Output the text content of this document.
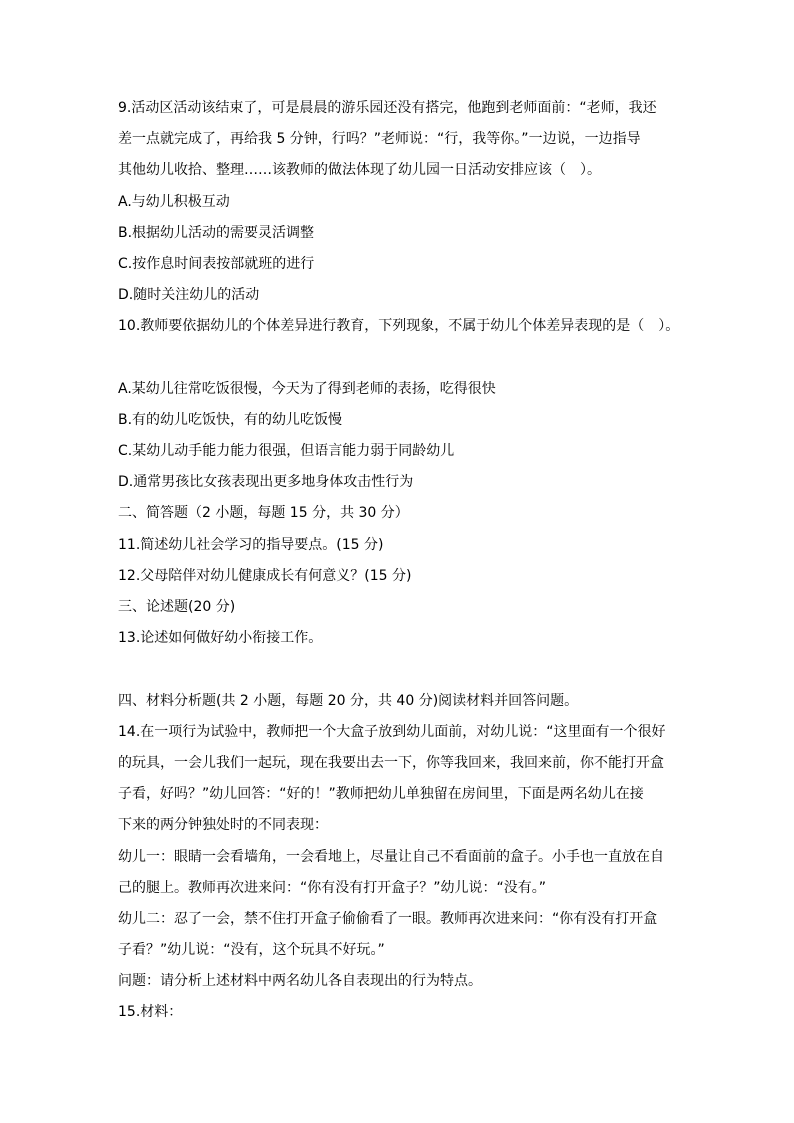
9.活动区活动该结束了，可是晨晨的游乐园还没有搭完，他跑到老师面前：“老师，我还
差一点就完成了，再给我 5 分钟，行吗？”老师说：“行，我等你。”一边说，一边指导
其他幼儿收拾、整理……该教师的做法体现了幼儿园一日活动安排应该（　）。
A.与幼儿积极互动
B.根据幼儿活动的需要灵活调整
C.按作息时间表按部就班的进行
D.随时关注幼儿的活动
10.教师要依据幼儿的个体差异进行教育，下列现象，不属于幼儿个体差异表现的是（　）。
A.某幼儿往常吃饭很慢，今天为了得到老师的表扬，吃得很快
B.有的幼儿吃饭快，有的幼儿吃饭慢
C.某幼儿动手能力能力很强，但语言能力弱于同龄幼儿
D.通常男孩比女孩表现出更多地身体攻击性行为
二、简答题（2 小题，每题 15 分，共 30 分）
11.简述幼儿社会学习的指导要点。(15 分)
12.父母陪伴对幼儿健康成长有何意义？(15 分)
三、论述题(20 分)
13.论述如何做好幼小衔接工作。
四、材料分析题(共 2 小题，每题 20 分，共 40 分)阅读材料并回答问题。
14.在一项行为试验中，教师把一个大盒子放到幼儿面前，对幼儿说：“这里面有一个很好
的玩具，一会儿我们一起玩，现在我要出去一下，你等我回来，我回来前，你不能打开盒
子看，好吗？”幼儿回答：“好的！”教师把幼儿单独留在房间里，下面是两名幼儿在接
下来的两分钟独处时的不同表现：
幼儿一：眼睛一会看墙角，一会看地上，尽量让自己不看面前的盒子。小手也一直放在自
己的腿上。教师再次进来问：“你有没有打开盒子？”幼儿说：“没有。”
幼儿二：忍了一会，禁不住打开盒子偷偷看了一眼。教师再次进来问：“你有没有打开盒
子看？”幼儿说：“没有，这个玩具不好玩。”
问题：请分析上述材料中两名幼儿各自表现出的行为特点。
15.材料：
